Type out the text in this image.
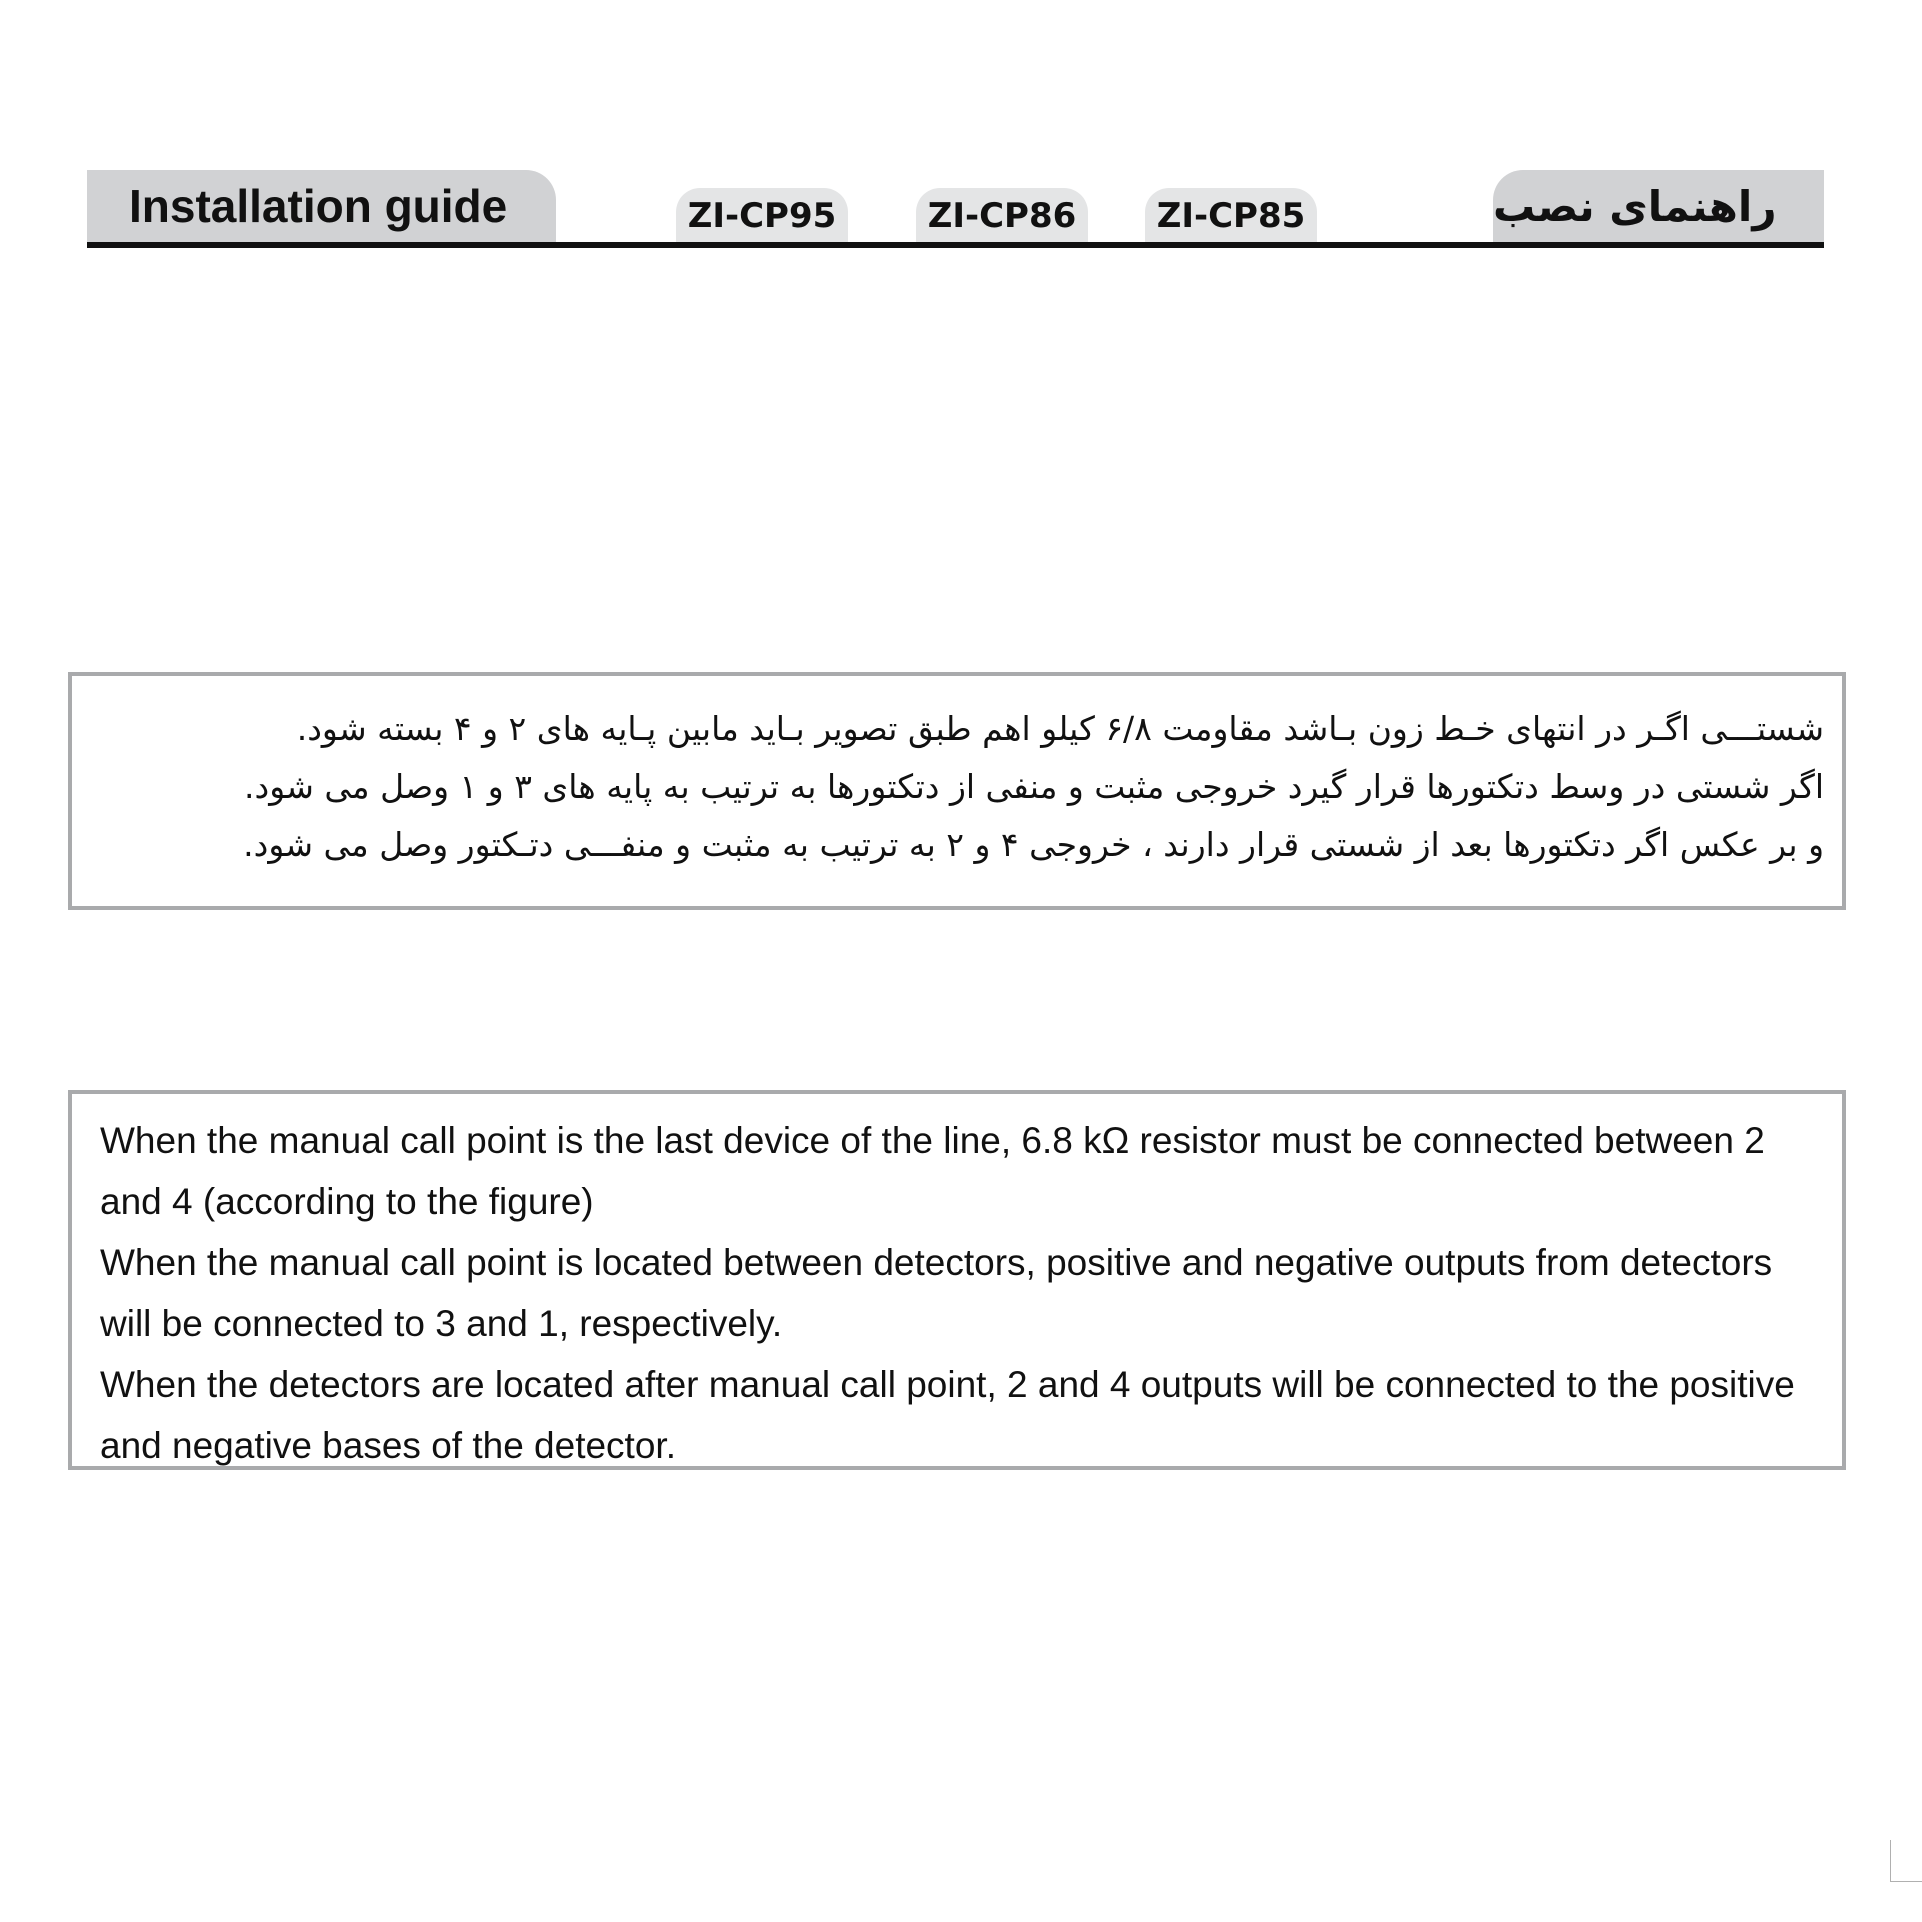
Installation guide	ZI-CP95	ZI-CP86	ZI-CP85	راهنمای نصب
شستـــی اگـر در انتهای خـط زون بـاشد مقاومت ۶/۸ کیلو اهم طبق تصویر بـاید مابین پـایه های ۲ و ۴ بسته شود.
اگر شستی در وسط دتکتورها قرار گیرد خروجی مثبت و منفی از دتکتورها به ترتیب به پایه های ۳ و ۱ وصل می شود.
و بر عکس اگر دتکتورها بعد از شستی قرار دارند ، خروجی ۴ و ۲ به ترتیب به مثبت و منفـــی دتـکتور وصل می شود.

When the manual call point is the last device of the line, 6.8 kΩ resistor must be connected between 2 and 4 (according to the figure)

When the manual call point is located between detectors, positive and negative outputs from detectors will be connected to 3 and 1, respectively.

When the detectors are located after manual call point, 2 and 4 outputs will be connected to the positive and negative bases of the detector.
